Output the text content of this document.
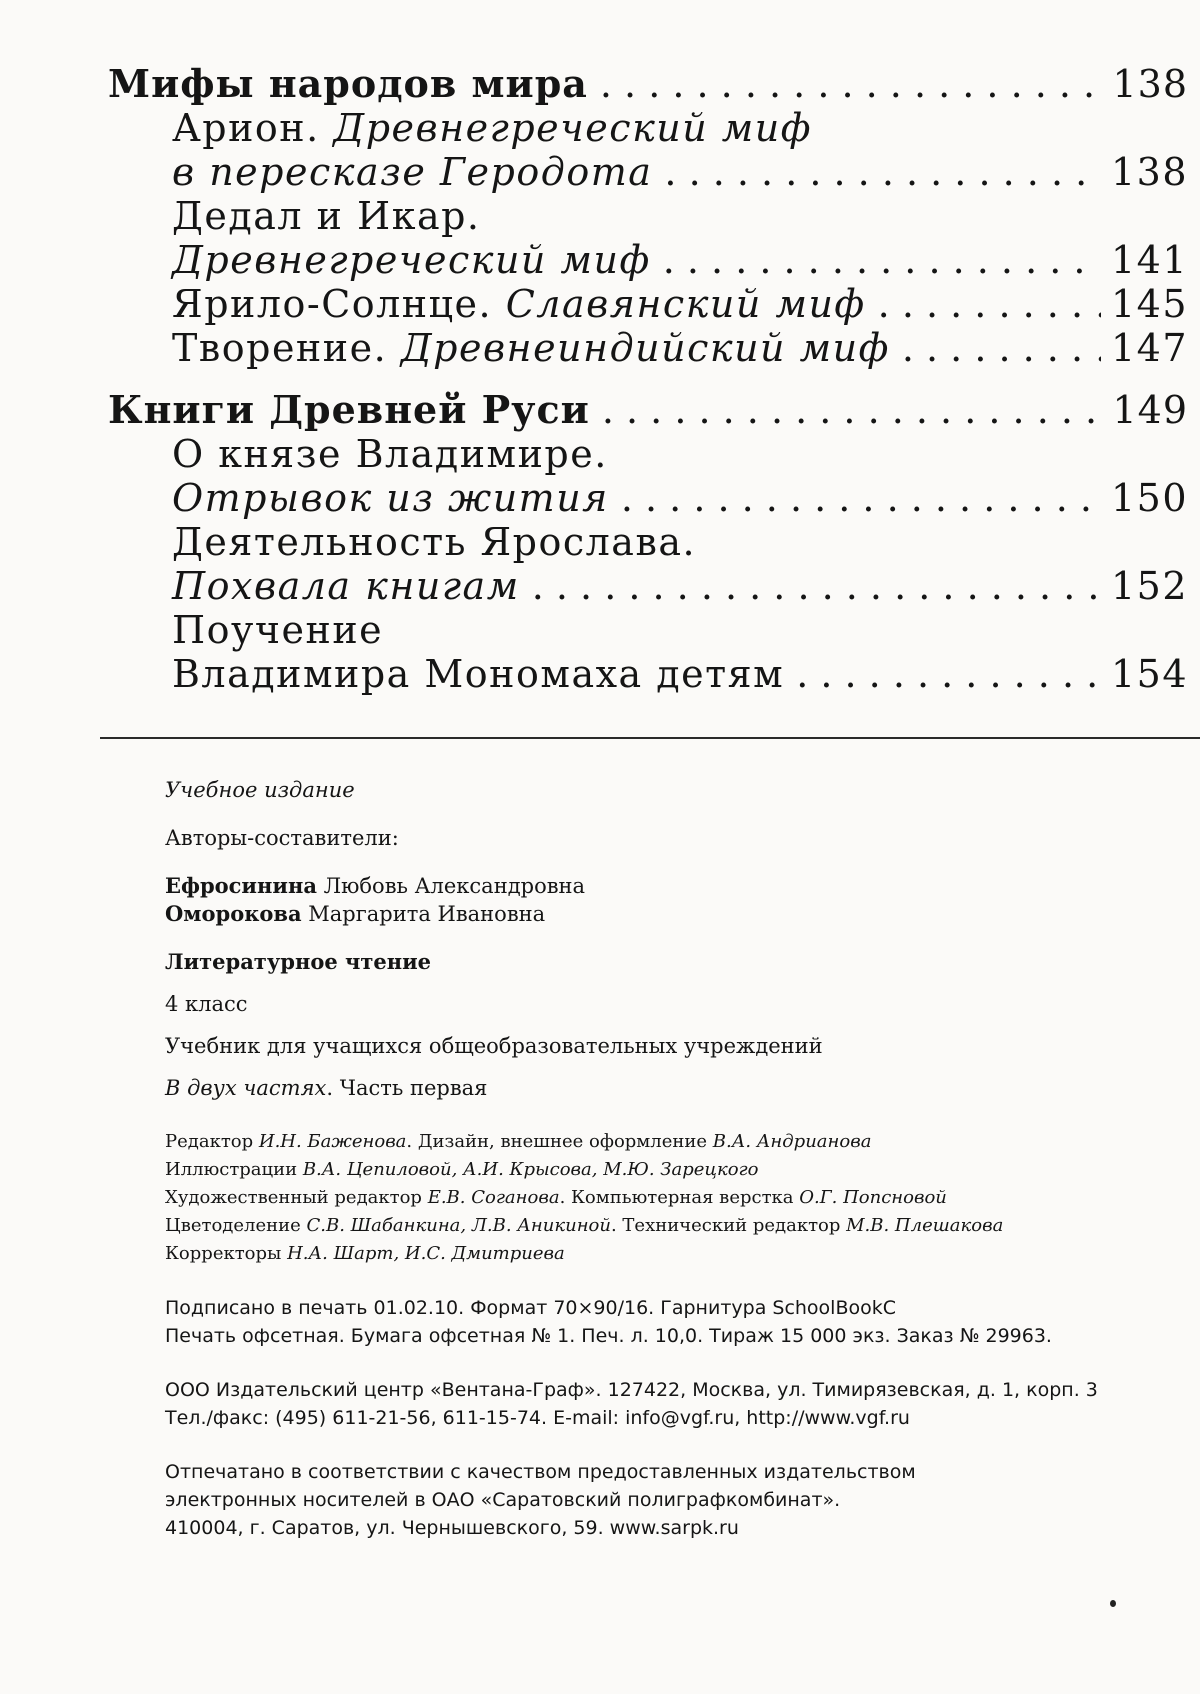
Мифы народов мира . . .	138
Арион. Древнегреческий миф
в пересказе Геродота . . .	138
Дедал и Икар.
Древнегреческий миф . . .	141
Ярило-Солнце. Славянский миф . . .	145
Творение. Древнеиндийский миф . . .	147
Книги Древней Руси . . .	149
О князе Владимире.
Отрывок из жития . . .	150
Деятельность Ярослава.
Похвала книгам . . .	152
Поучение
Владимира Мономаха детям . . .	154

Учебное издание

Авторы-составители:

Ефросинина Любовь Александровна

Оморокова Маргарита Ивановна

Литературное чтение

4 класс

Учебник для учащихся общеобразовательных учреждений

В двух частях. Часть первая

Редактор И.Н. Баженова. Дизайн, внешнее оформление В.А. Андрианова

Иллюстрации В.А. Цепиловой, А.И. Крысова, М.Ю. Зарецкого

Художественный редактор Е.В. Соганова. Компьютерная верстка О.Г. Попсновой

Цветоделение С.В. Шабанкина, Л.В. Аникиной. Технический редактор М.В. Плешакова

Корректоры Н.А. Шарт, И.С. Дмитриева

Подписано в печать 01.02.10. Формат 70×90/16. Гарнитура SchoolBookC

Печать офсетная. Бумага офсетная № 1. Печ. л. 10,0. Тираж 15 000 экз. Заказ № 29963.

ООО Издательский центр «Вентана-Граф». 127422, Москва, ул. Тимирязевская, д. 1, корп. 3

Тел./факс: (495) 611-21-56, 611-15-74. E-mail: info@vgf.ru, http://www.vgf.ru

Отпечатано в соответствии с качеством предоставленных издательством

электронных носителей в ОАО «Саратовский полиграфкомбинат».

410004, г. Саратов, ул. Чернышевского, 59. www.sarpk.ru
